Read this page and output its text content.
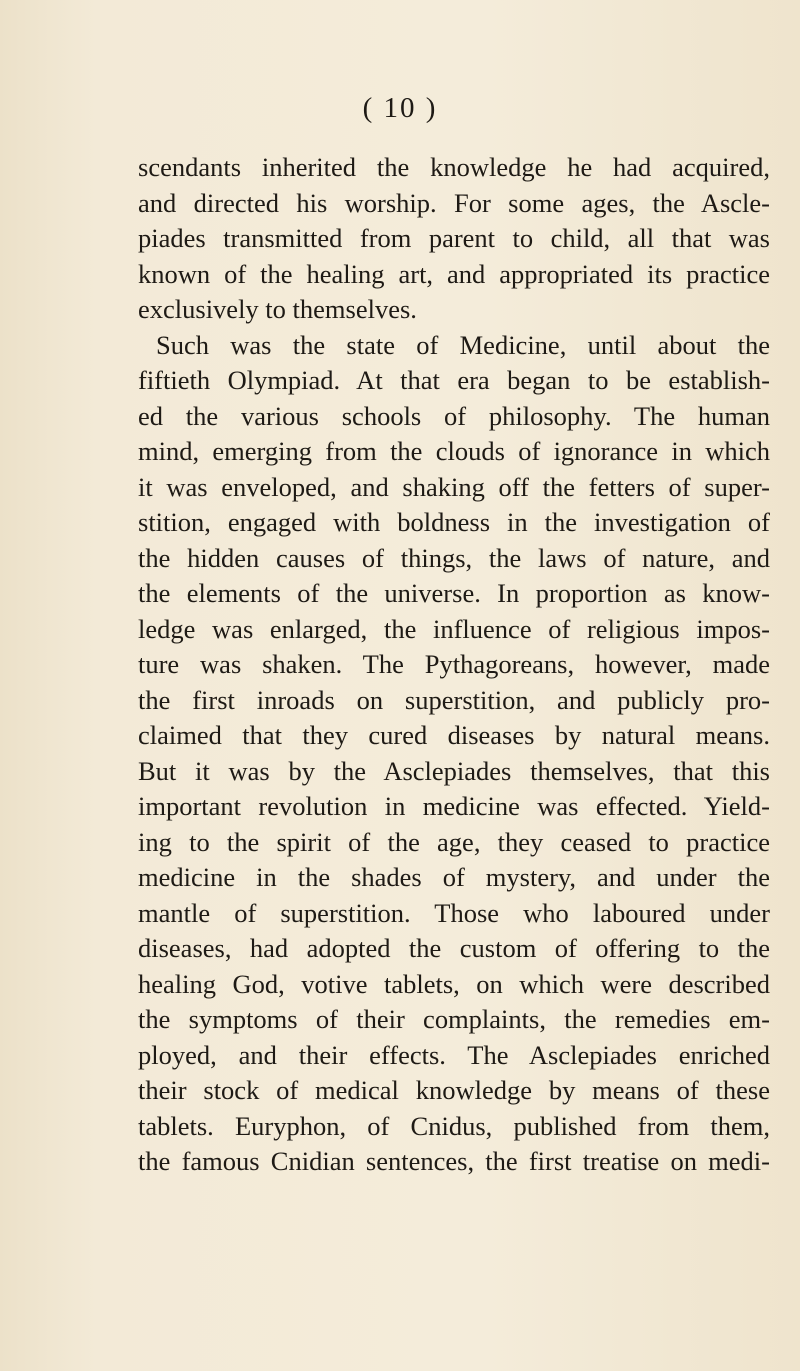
( 10 )
scendants inherited the knowledge he had acquired,
and directed his worship. For some ages, the Ascle-
piades transmitted from parent to child, all that was
known of the healing art, and appropriated its practice
exclusively to themselves.
Such was the state of Medicine, until about the
fiftieth Olympiad. At that era began to be establish-
ed the various schools of philosophy. The human
mind, emerging from the clouds of ignorance in which
it was enveloped, and shaking off the fetters of super-
stition, engaged with boldness in the investigation of
the hidden causes of things, the laws of nature, and
the elements of the universe. In proportion as know-
ledge was enlarged, the influence of religious impos-
ture was shaken. The Pythagoreans, however, made
the first inroads on superstition, and publicly pro-
claimed that they cured diseases by natural means.
But it was by the Asclepiades themselves, that this
important revolution in medicine was effected. Yield-
ing to the spirit of the age, they ceased to practice
medicine in the shades of mystery, and under the
mantle of superstition. Those who laboured under
diseases, had adopted the custom of offering to the
healing God, votive tablets, on which were described
the symptoms of their complaints, the remedies em-
ployed, and their effects. The Asclepiades enriched
their stock of medical knowledge by means of these
tablets. Euryphon, of Cnidus, published from them,
the famous Cnidian sentences, the first treatise on medi-
